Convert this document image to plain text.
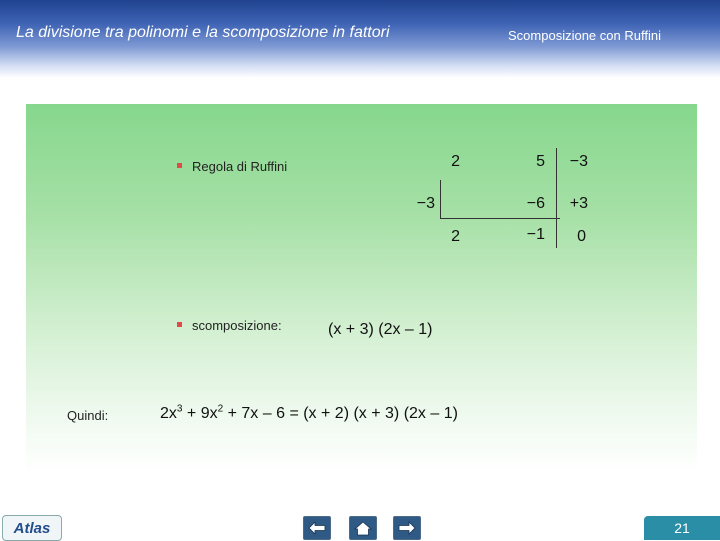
La divisione tra polinomi e la scomposizione in fattori	Scomposizione con Ruffini
Regola di Ruffini	2	5	−3
−3	−6	+3
2	−1	0
scomposizione:	(x + 3) (2x – 1)
Quindi:	$2x^3 + 9x^2 + 7x - 6 = (x + 2) (x + 3)$ (2x – 1)
Atlas	21
